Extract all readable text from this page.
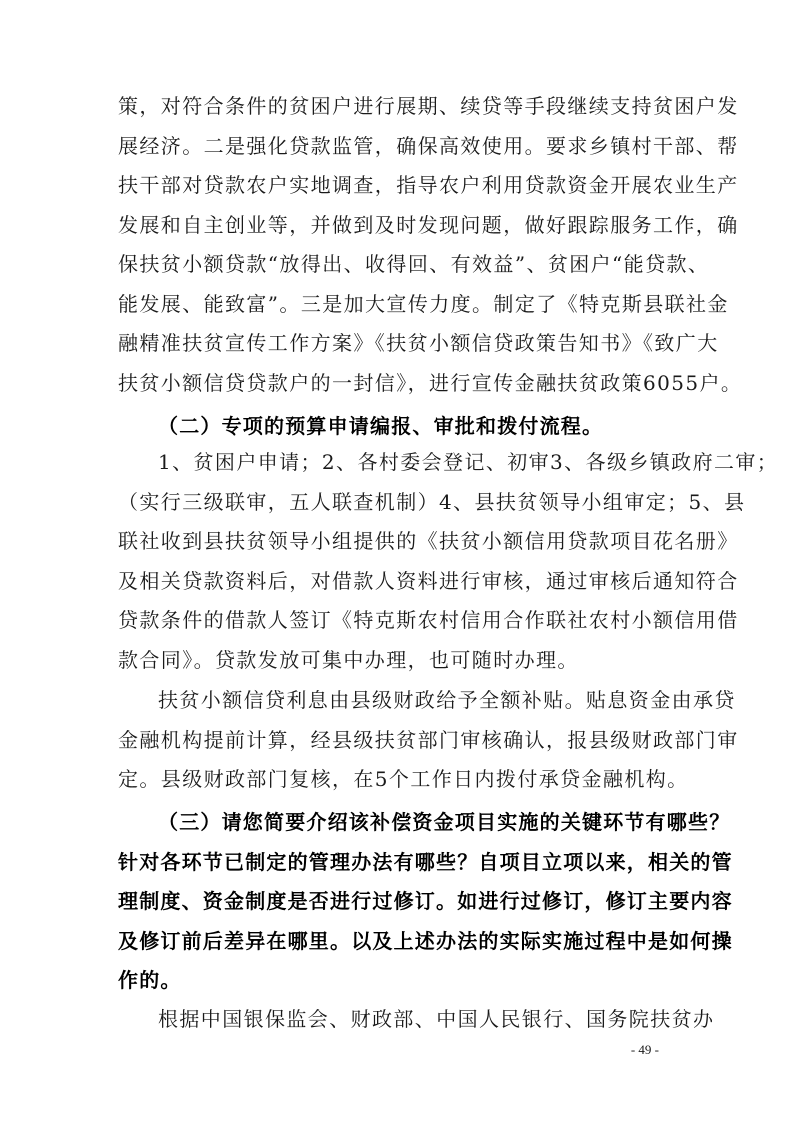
策，对符合条件的贫困户进行展期、续贷等手段继续支持贫困户发
展经济。二是强化贷款监管，确保高效使用。要求乡镇村干部、帮
扶干部对贷款农户实地调查，指导农户利用贷款资金开展农业生产
发展和自主创业等，并做到及时发现问题，做好跟踪服务工作，确
保扶贫小额贷款“放得出、收得回、有效益”、贫困户“能贷款、
能发展、能致富”。三是加大宣传力度。制定了《特克斯县联社金
融精准扶贫宣传工作方案》《扶贫小额信贷政策告知书》《致广大
扶贫小额信贷贷款户的一封信》，进行宣传金融扶贫政策6055户。
（二）专项的预算申请编报、审批和拨付流程。
1、贫困户申请；2、各村委会登记、初审3、各级乡镇政府二审；
（实行三级联审，五人联查机制）4、县扶贫领导小组审定；5、县
联社收到县扶贫领导小组提供的《扶贫小额信用贷款项目花名册》
及相关贷款资料后，对借款人资料进行审核，通过审核后通知符合
贷款条件的借款人签订《特克斯农村信用合作联社农村小额信用借
款合同》。贷款发放可集中办理，也可随时办理。
扶贫小额信贷利息由县级财政给予全额补贴。贴息资金由承贷
金融机构提前计算，经县级扶贫部门审核确认，报县级财政部门审
定。县级财政部门复核，在5个工作日内拨付承贷金融机构。
（三）请您简要介绍该补偿资金项目实施的关键环节有哪些？
针对各环节已制定的管理办法有哪些？自项目立项以来，相关的管
理制度、资金制度是否进行过修订。如进行过修订，修订主要内容
及修订前后差异在哪里。以及上述办法的实际实施过程中是如何操
作的。
根据中国银保监会、财政部、中国人民银行、国务院扶贫办
- 49 -
